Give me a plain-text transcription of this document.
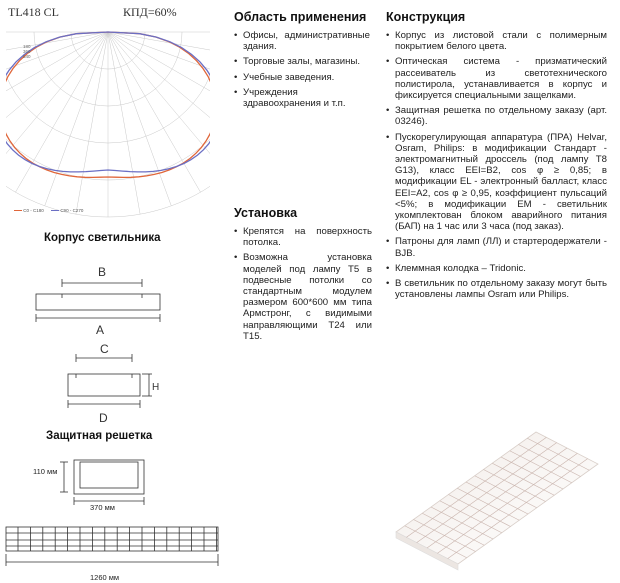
TL418 CL	КПД=60%
180
360
540
С0 - С180	С90 - С270
Корпус светильника
B
A
C
D
H
Защитная решетка
110 мм
370 мм
1260 мм
Область применения
• Офисы, административные здания.
• Торговые залы, магазины.
• Учебные заведения.
• Учреждения здравоохранения и т.п.
Установка
• Крепятся на поверхность потолка.
• Возможна установка моделей под лампу T5 в подвесные потолки со стандартным модулем размером 600*600 мм типа Армстронг, с видимыми направляющими T24 или T15.
Конструкция
• Корпус из листовой стали с полимерным покрытием белого цвета.
• Оптическая система - призматический рассеиватель из светотехнического полистирола, устанавливается в корпус и фиксируется специальными защелками.
• Защитная решетка по отдельному заказу (арт. 03246).
• Пускорегулирующая аппаратура (ПРА) Helvar, Osram, Philips: в модификации Стандарт - электромагнитный дроссель (под лампу T8 G13), класс EEI=B2, cos φ ≥ 0,85; в модификации EL - электронный балласт, класс EEI=A2, cos φ ≥ 0,95, коэффициент пульсаций <5%; в модификации EM - светильник укомплектован блоком аварийного питания (БАП) на 1 час или 3 часа (под заказ).
• Патроны для ламп (ЛЛ) и стартеродержатели - BJB.
• Клеммная колодка – Tridonic.
• В светильник по отдельному заказу могут быть установлены лампы Osram или Philips.
